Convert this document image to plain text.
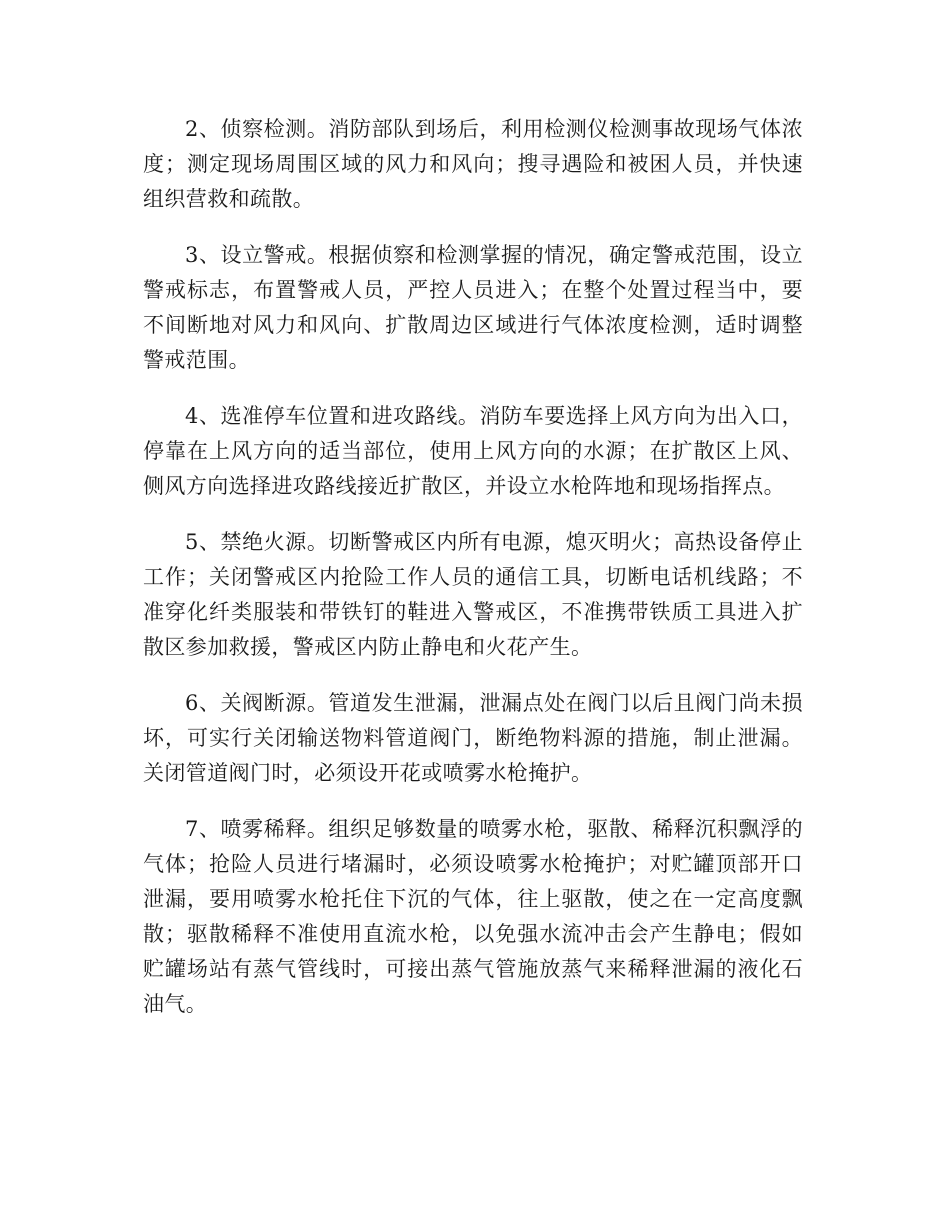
2、侦察检测。消防部队到场后，利用检测仪检测事故现场气体浓度；测定现场周围区域的风力和风向；搜寻遇险和被困人员，并快速组织营救和疏散。

3、设立警戒。根据侦察和检测掌握的情况，确定警戒范围，设立警戒标志，布置警戒人员，严控人员进入；在整个处置过程当中，要不间断地对风力和风向、扩散周边区域进行气体浓度检测，适时调整警戒范围。

4、选准停车位置和进攻路线。消防车要选择上风方向为出入口，停靠在上风方向的适当部位，使用上风方向的水源；在扩散区上风、侧风方向选择进攻路线接近扩散区，并设立水枪阵地和现场指挥点。

5、禁绝火源。切断警戒区内所有电源，熄灭明火；高热设备停止工作；关闭警戒区内抢险工作人员的通信工具，切断电话机线路；不准穿化纤类服装和带铁钉的鞋进入警戒区，不准携带铁质工具进入扩散区参加救援，警戒区内防止静电和火花产生。

6、关阀断源。管道发生泄漏，泄漏点处在阀门以后且阀门尚未损坏，可实行关闭输送物料管道阀门，断绝物料源的措施，制止泄漏。关闭管道阀门时，必须设开花或喷雾水枪掩护。

7、喷雾稀释。组织足够数量的喷雾水枪，驱散、稀释沉积飘浮的气体；抢险人员进行堵漏时，必须设喷雾水枪掩护；对贮罐顶部开口泄漏，要用喷雾水枪托住下沉的气体，往上驱散，使之在一定高度飘散；驱散稀释不准使用直流水枪，以免强水流冲击会产生静电；假如贮罐场站有蒸气管线时，可接出蒸气管施放蒸气来稀释泄漏的液化石油气。
